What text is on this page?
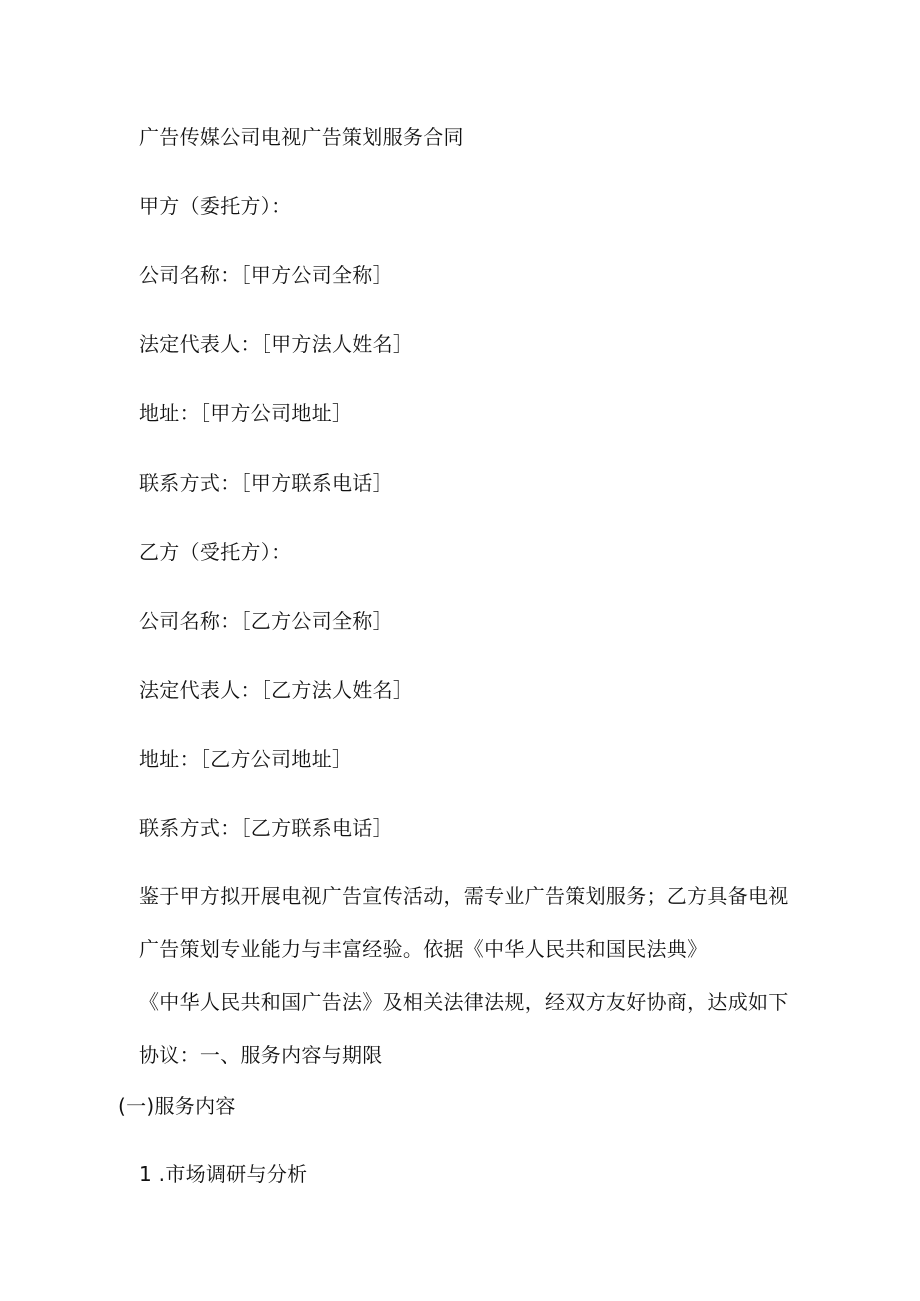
广告传媒公司电视广告策划服务合同
甲方（委托方）：
公司名称：［甲方公司全称］
法定代表人：［甲方法人姓名］
地址：［甲方公司地址］
联系方式：［甲方联系电话］
乙方（受托方）：
公司名称：［乙方公司全称］
法定代表人：［乙方法人姓名］
地址：［乙方公司地址］
联系方式：［乙方联系电话］
鉴于甲方拟开展电视广告宣传活动，需专业广告策划服务；乙方具备电视
广告策划专业能力与丰富经验。依据《中华人民共和国民法典》
《中华人民共和国广告法》及相关法律法规，经双方友好协商，达成如下
协议：一、服务内容与期限
(一)服务内容
1 .市场调研与分析
